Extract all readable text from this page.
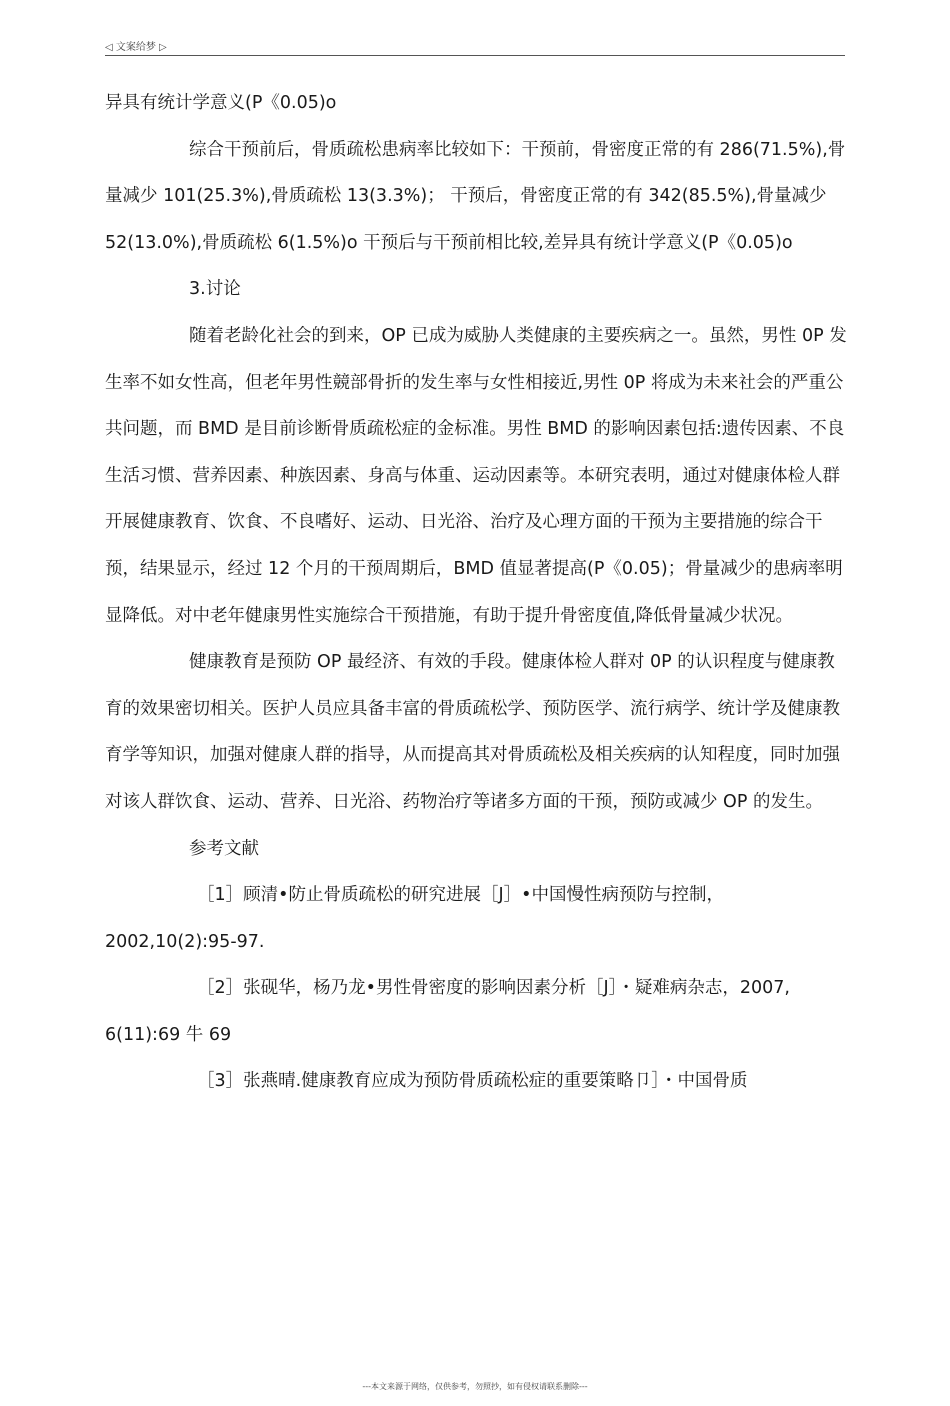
◁ 文案给梦 ▷

异具有统计学意义(P《0.05)o

综合干预前后，骨质疏松患病率比较如下：干预前，骨密度正常的有 286(71.5%),骨量减少 101(25.3%),骨质疏松 13(3.3%)； 干预后，骨密度正常的有 342(85.5%),骨量减少 52(13.0%),骨质疏松 6(1.5%)o 干预后与干预前相比较,差异具有统计学意义(P《0.05)o

3.讨论

随着老龄化社会的到来，OP 已成为威胁人类健康的主要疾病之一。虽然，男性 0P 发生率不如女性高，但老年男性競部骨折的发生率与女性相接近,男性 0P 将成为未来社会的严重公共问题，而 BMD 是目前诊断骨质疏松症的金标准。男性 BMD 的影响因素包括:遗传因素、不良生活习惯、营养因素、种族因素、身高与体重、运动因素等。本研究表明，通过对健康体检人群开展健康教育、饮食、不良嗜好、运动、日光浴、治疗及心理方面的干预为主要措施的综合干预，结果显示，经过 12 个月的干预周期后，BMD 值显著提高(P《0.05)；骨量减少的患病率明显降低。对中老年健康男性实施综合干预措施，有助于提升骨密度值,降低骨量减少状况。

健康教育是预防 OP 最经济、有效的手段。健康体检人群对 0P 的认识程度与健康教育的效果密切相关。医护人员应具备丰富的骨质疏松学、预防医学、流行病学、统计学及健康教育学等知识，加强对健康人群的指导，从而提高其对骨质疏松及相关疾病的认知程度，同时加强对该人群饮食、运动、营养、日光浴、药物治疗等诸多方面的干预，预防或减少 OP 的发生。

参考文献

［1］顾清•防止骨质疏松的研究进展［J］•中国慢性病预防与控制，2002,10(2):95-97.

［2］张砚华，杨乃龙•男性骨密度的影响因素分析［J］・疑难病杂志，2007,

6(11):69 牛 69

［3］张燕晴.健康教育应成为预防骨质疏松症的重要策略卩］・中国骨质

---本文来源于网络，仅供参考，勿照抄，如有侵权请联系删除---
